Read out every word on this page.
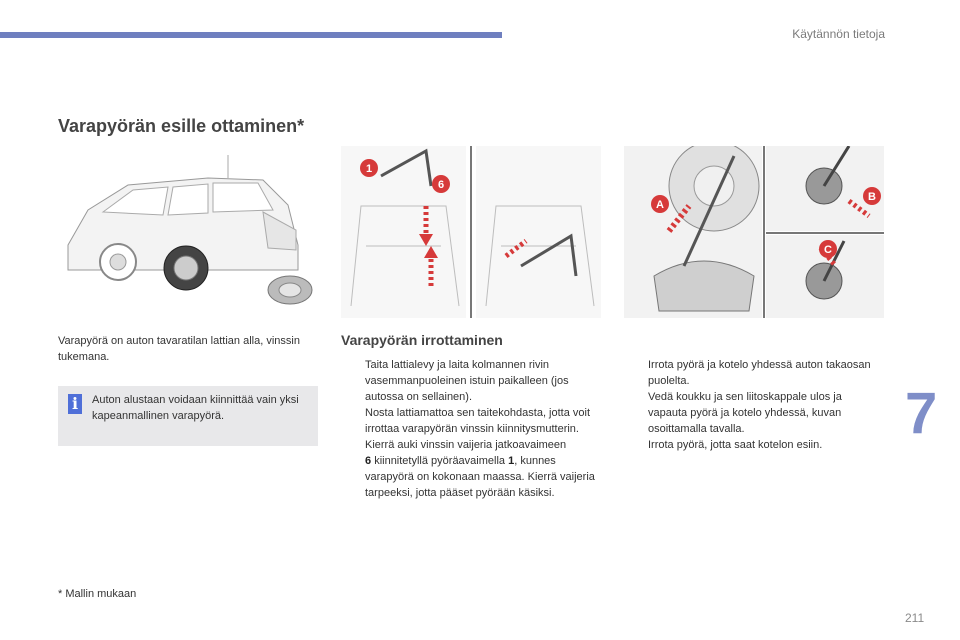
Käytännön tietoja
Varapyörän esille ottaminen*
1
6
A
B
C

Varapyörä on auton tavaratilan lattian alla, vinssin tukemana.

i	Auton alustaan voidaan kiinnittää vain yksi kapeanmallinen varapyörä.

Varapyörän irrottaminen
Taita lattialevy ja laita kolmannen rivin vasemmanpuoleinen istuin paikalleen (jos autossa on sellainen).
Nosta lattiamattoa sen taitekohdasta, jotta voit irrottaa varapyörän vinssin kiinnitysmutterin.
Kierrä auki vinssin vaijeria jatkoavaimeen
6 kiinnitetyllä pyöräavaimella 1, kunnes varapyörä on kokonaan maassa. Kierrä vaijeria tarpeeksi, jotta pääset pyörään käsiksi.
Irrota pyörä ja kotelo yhdessä auton takaosan puolelta.
Vedä koukku ja sen liitoskappale ulos ja vapauta pyörä ja kotelo yhdessä, kuvan osoittamalla tavalla.
Irrota pyörä, jotta saat kotelon esiin.	7
* Mallin mukaan
211
